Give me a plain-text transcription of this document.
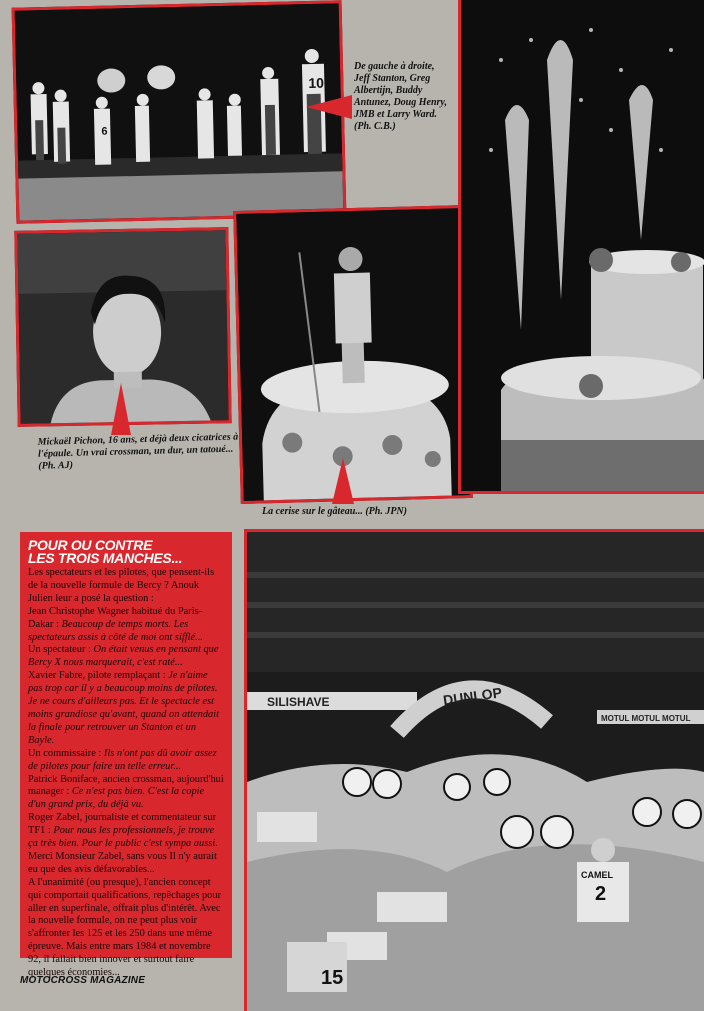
6
10
De gauche à droite, Jeff Stanton, Greg Albertijn, Buddy Antunez, Doug Henry, JMB et Larry Ward. (Ph. C.B.)
Mickaël Pichon, 16 ans, et déjà deux cicatrices à l'épaule. Un vrai crossman, un dur, un tatoué... (Ph. AJ)
La cerise sur le gâteau... (Ph. JPN)
POUR OU CONTRE
LES TROIS MANCHES...

Les spectateurs et les pilotes, que pensent-ils de la nouvelle formule de Bercy ? Anouk Julien leur a posé la question :

Jean Christophe Wagner habitué du Paris-Dakar : Beaucoup de temps morts. Les spectateurs assis à côté de moi ont sifflé...

Un spectateur : On était venus en pensant que Bercy X nous marquerait, c'est raté...

Xavier Fabre, pilote remplaçant : Je n'aime pas trop car il y a beaucoup moins de pilotes. Je ne cours d'ailleurs pas. Et le spectacle est moins grandiose qu'avant, quand on attendait la finale pour retrouver un Stanton et un Bayle.

Un commissaire : Ils n'ont pas dû avoir assez de pilotes pour faire un telle erreur...

Patrick Boniface, ancien crossman, aujourd'hui manager : Ce n'est pas bien. C'est la copie d'un grand prix, du déjà vu.

Roger Zabel, journaliste et commentateur sur TF1 : Pour nous les professionnels, je trouve ça très bien. Pour le public c'est sympa aussi.

Merci Monsieur Zabel, sans vous Il n'y aurait eu que des avis défavorables...

A l'unanimité (ou presque), l'ancien concept qui comportait qualifications, repêchages pour aller en superfinale, offrait plus d'intérêt. Avec la nouvelle formule, on ne peut plus voir s'affronter les 125 et les 250 dans une même épreuve. Mais entre mars 1984 et novembre 92, il fallait bien innover et surtout faire quelques économies...

SILISHAVE
MOTUL MOTUL MOTUL
DUNLOP
CAMEL
2
15
MOTOCROSS MAGAZINE
